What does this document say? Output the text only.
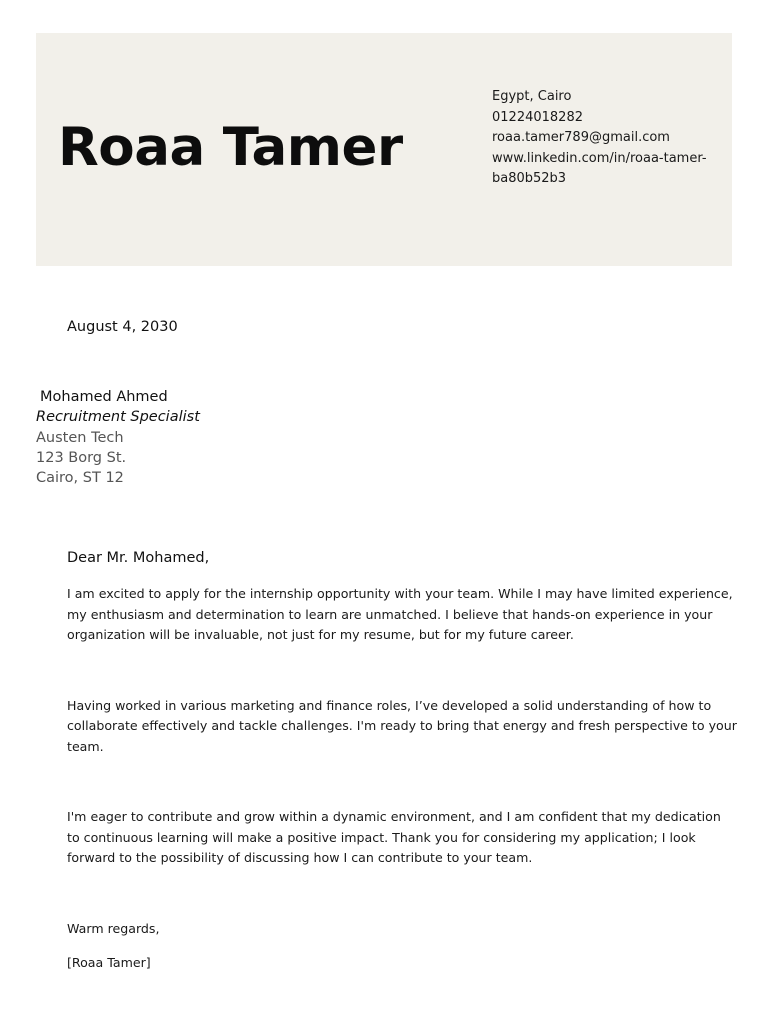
Roaa Tamer
Egypt, Cairo
01224018282
roaa.tamer789@gmail.com
www.linkedin.com/in/roaa-tamer-
ba80b52b3
August 4, 2030
Mohamed Ahmed
Recruitment Specialist
Austen Tech
123 Borg St.
Cairo, ST 12

Dear Mr. Mohamed,

I am excited to apply for the internship opportunity with your team. While I may have limited experience, my enthusiasm and determination to learn are unmatched. I believe that hands-on experience in your organization will be invaluable, not just for my resume, but for my future career.

Having worked in various marketing and finance roles, I’ve developed a solid understanding of how to collaborate effectively and tackle challenges. I'm ready to bring that energy and fresh perspective to your team.

I'm eager to contribute and grow within a dynamic environment, and I am confident that my dedication to continuous learning will make a positive impact. Thank you for considering my application; I look forward to the possibility of discussing how I can contribute to your team.

Warm regards,

[Roaa Tamer]
